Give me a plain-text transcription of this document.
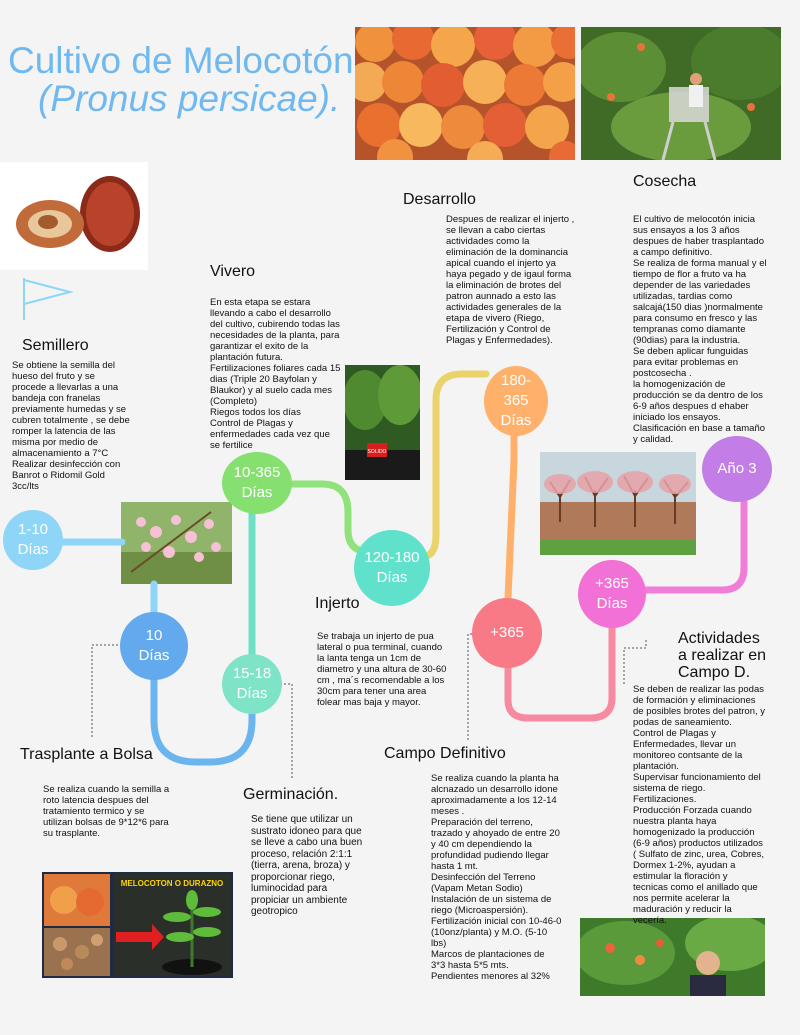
Cultivo de Melocotón
(Pronus persicae).
SOLIDO
MELOCOTON O DURAZNO
1-10
Días
10
Días
15-18
Días
10-365
Días
120-180
Días
180-
365
Días
+365
+365
Días
Año 3
Semillero
Se obtiene la semilla del
hueso del fruto y se
procede a llevarlas a una
bandeja con franelas
previamente humedas y se
cubren totalmente , se debe
romper la latencia de las
misma por medio de
almacenamiento a 7°C
Realizar desinfección con
Banrot o Ridomil Gold
3cc/lts
Vivero
En esta etapa se estara
llevando a cabo el desarrollo
del cultivo, cubirendo todas las
necesidades de la planta, para
garantizar el exito de la
plantación futura.
Fertilizaciones foliares cada 15
dias (Triple 20 Bayfolan y
Blaukor) y al suelo cada mes
(Completo)
Riegos todos los días
Control de Plagas y
enfermedades cada vez que
se fertilice
Desarrollo
Despues de realizar el injerto ,
se llevan a cabo ciertas
actividades como la
eliminación de la dominancia
apical cuando el injerto ya
haya pegado y de igaul forma
la eliminación de brotes del
patron aunnado a esto las
actividades generales de la
etapa de vivero (Riego,
Fertilización y Control de
Plagas y Enfermedades).
Cosecha
El cultivo de melocotón inicia
sus ensayos a los 3 años
despues de haber trasplantado
a campo definitivo.
Se realiza de forma manual y el
tiempo de flor a fruto va ha
depender de las variedades
utilizadas, tardias como
salcajá(150 dias )normalmente
para consumo en fresco y las
tempranas como diamante
(90dias) para la industria.
Se deben aplicar funguidas
para evitar problemas en
postcosecha .
la homogenización de
producción se da dentro de los
6-9 años despues d ehaber
iniciado los ensayos.
Clasificación en base a tamaño
y calidad.
Injerto
Se trabaja un injerto de pua
lateral o pua terminal, cuando
la lanta tenga un 1cm de
diametro y una altura de 30-60
cm , ma´s recomendable a los
30cm para tener una area
folear mas baja y mayor.
Trasplante a Bolsa
Se realiza cuando la semilla a
roto latencia despues del
tratamiento termico y se
utilizan bolsas de 9*12*6 para
su trasplante.
Germinación.
Se tiene que utilizar un
sustrato idoneo para que
se lleve a cabo una buen
proceso, relación 2:1:1
(tierra, arena, broza) y
proporcionar riego,
luminocidad para
propiciar un ambiente
geotropico
Campo Definitivo
Se realiza cuando la planta ha
alcnazado un desarrollo idone
aproximadamente a los 12-14
meses .
Preparación del terreno,
trazado y ahoyado de entre 20
y 40 cm dependiendo la
profundidad pudiendo llegar
hasta 1 mt.
Desinfección del Terreno
(Vapam Metan Sodio)
Instalación de un sistema de
riego (Microaspersión).
Fertilización inicial con 10-46-0
(10onz/planta) y M.O. (5-10
lbs)
Marcos de plantaciones de
3*3 hasta 5*5 mts.
Pendientes menores al 32%
Actividades
a realizar en
Campo D.
Se deben de realizar las podas
de formación y eliminaciones
de posibles brotes del patron, y
podas de saneamiento.
Control de Plagas y
Enfermedades, llevar un
monitoreo contsante de la
plantación.
Supervisar funcionamiento del
sistema de riego.
Fertilizaciones.
Producción Forzada cuando
nuestra planta haya
homogenizado la producción
(6-9 años) productos utilizados
( Sulfato de zinc, urea, Cobres,
Dormex 1-2%, ayudan a
estimular la floración y
tecnicas como el anillado que
nos permite acelerar la
maduración y reducir la
vecería.
